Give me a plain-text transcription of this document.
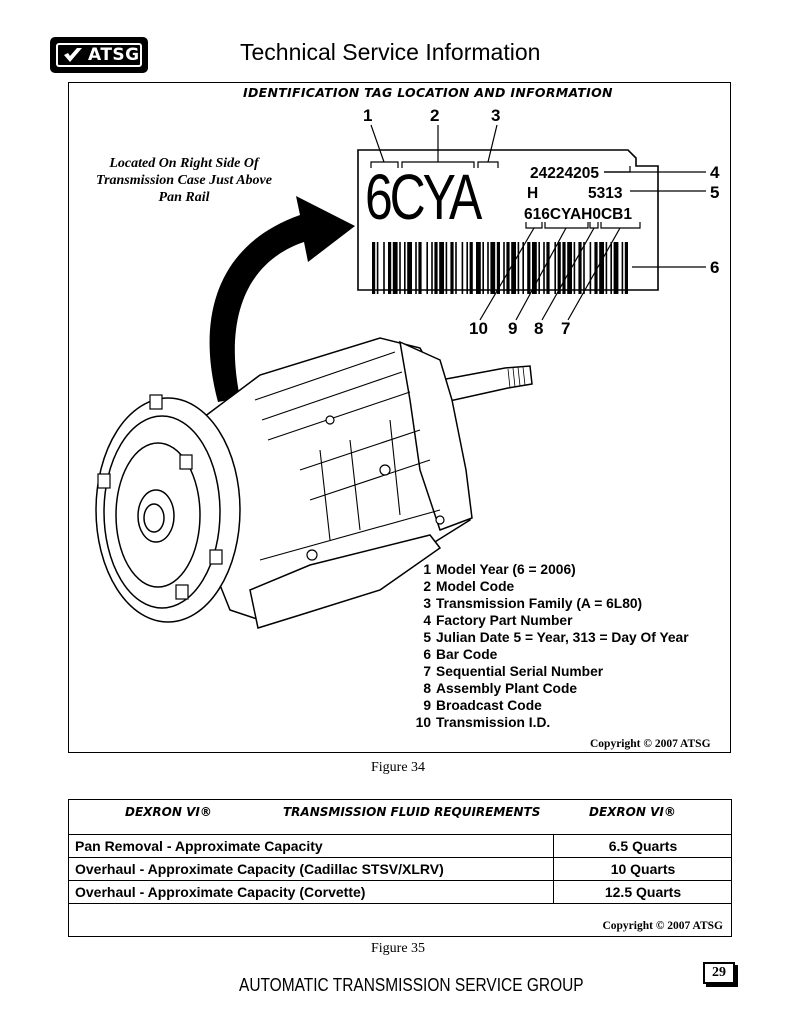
ATSG	Technical Service Information
IDENTIFICATION TAG LOCATION AND INFORMATION
Located On Right Side Of Transmission Case Just Above Pan Rail	6CYA	24224205
H	5313
616CYAH0CB1
1	2	3
4
5
6
10 9 8 7
1 Model Year (6 = 2006)
2 Model Code
3 Transmission Family (A = 6L80)
4 Factory Part Number
5 Julian Date 5 = Year, 313 = Day Of Year
6 Bar Code
7 Sequential Serial Number
8 Assembly Plant Code
9 Broadcast Code
10 Transmission I.D.
Copyright © 2007 ATSG
Figure 34
DEXRON VI®	TRANSMISSION FLUID REQUIREMENTS	DEXRON VI®
Pan Removal - Approximate Capacity	6.5 Quarts
Overhaul - Approximate Capacity (Cadillac STSV/XLRV)	10 Quarts
Overhaul - Approximate Capacity (Corvette)	12.5 Quarts
Copyright © 2007 ATSG
Figure 35
AUTOMATIC TRANSMISSION SERVICE GROUP
29
